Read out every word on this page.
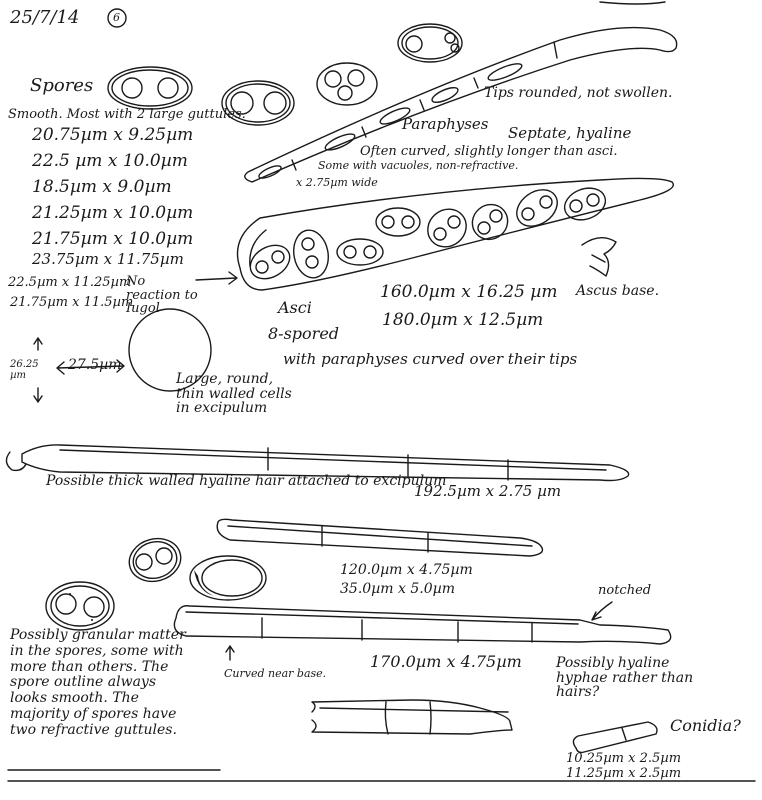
25/7/14	6
Spores
Smooth. Most with 2 large guttules.
20.75µm x 9.25µm
22.5 µm x 10.0µm
18.5µm x 9.0µm
21.25µm x 10.0µm
21.75µm x 10.0µm
23.75µm x 11.75µm
22.5µm x 11.25µm
21.75µm x 11.5µm
No reaction to Iugol
Tips rounded, not swollen.
Paraphyses Septate, hyaline
Often curved, slightly longer than asci.
Some with vacuoles, non-refractive.
x 2.75µm wide
Asci
8-spored
with paraphyses curved over their tips
160.0µm x 16.25 µm
180.0µm x 12.5µm
Ascus base.
26.25 µm
27.5µm
Large, round,
thin walled cells
in excipulum
Possible thick walled hyaline hair attached to excipulum
192.5µm x 2.75 µm
120.0µm x 4.75µm
35.0µm x 5.0µm	notched
Curved near base.
170.0µm x 4.75µm Possibly hyaline
hyphae rather than
hairs?
Possibly granular matter
in the spores, some with
more than others. The
spore outline always
looks smooth. The
majority of spores have
two refractive guttules.	Conidia?
10.25µm x 2.5µm
11.25µm x 2.5µm
